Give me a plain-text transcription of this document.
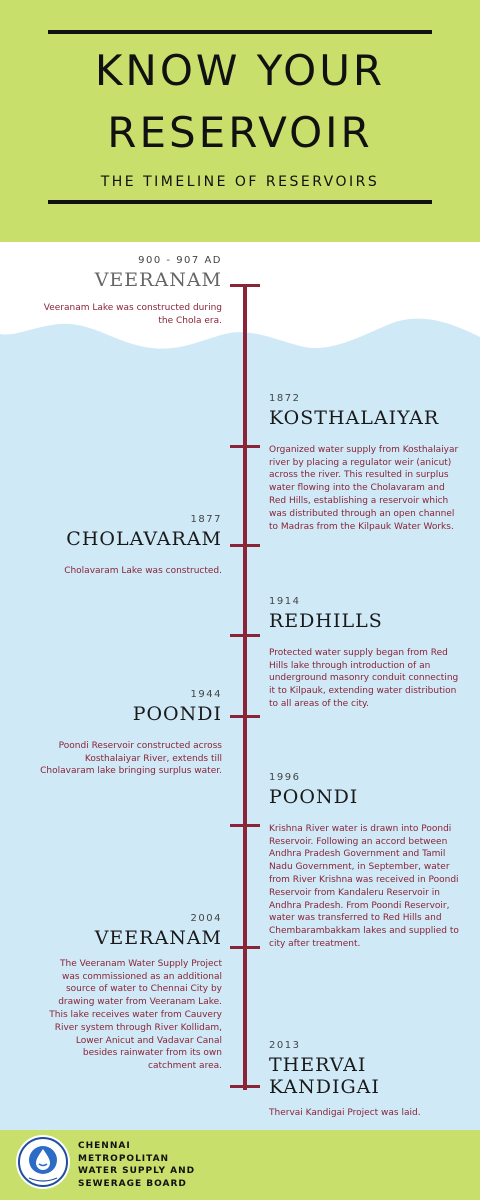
KNOW YOUR
RESERVOIR
THE TIMELINE OF RESERVOIRS
900 - 907 AD
VEERANAM
Veeranam Lake was constructed during the Chola era.
1872
KOSTHALAIYAR
Organized water supply from Kosthalaiyar river by placing a regulator weir (anicut) across the river. This resulted in surplus water flowing into the Cholavaram and Red Hills, establishing a reservoir which was distributed through an open channel to Madras from the Kilpauk Water Works.
1877
CHOLAVARAM
Cholavaram Lake was constructed.
1914
REDHILLS
Protected water supply began from Red Hills lake through introduction of an underground masonry conduit connecting it to Kilpauk, extending water distribution to all areas of the city.
1944
POONDI
Poondi Reservoir constructed across Kosthalaiyar River, extends till Cholavaram lake bringing surplus water.
1996
POONDI
Krishna River water is drawn into Poondi Reservoir. Following an accord between Andhra Pradesh Government and Tamil Nadu Government, in September, water from River Krishna was received in Poondi Reservoir from Kandaleru Reservoir in Andhra Pradesh. From Poondi Reservoir, water was transferred to Red Hills and Chembarambakkam lakes and supplied to city after treatment.
2004
VEERANAM
The Veeranam Water Supply Project was commissioned as an additional source of water to Chennai City by drawing water from Veeranam Lake. This lake receives water from Cauvery River system through River Kollidam, Lower Anicut and Vadavar Canal besides rainwater from its own catchment area.
2013
THERVAI KANDIGAI
Thervai Kandigai Project was laid.
CHENNAI
METROPOLITAN
WATER SUPPLY AND
SEWERAGE BOARD
